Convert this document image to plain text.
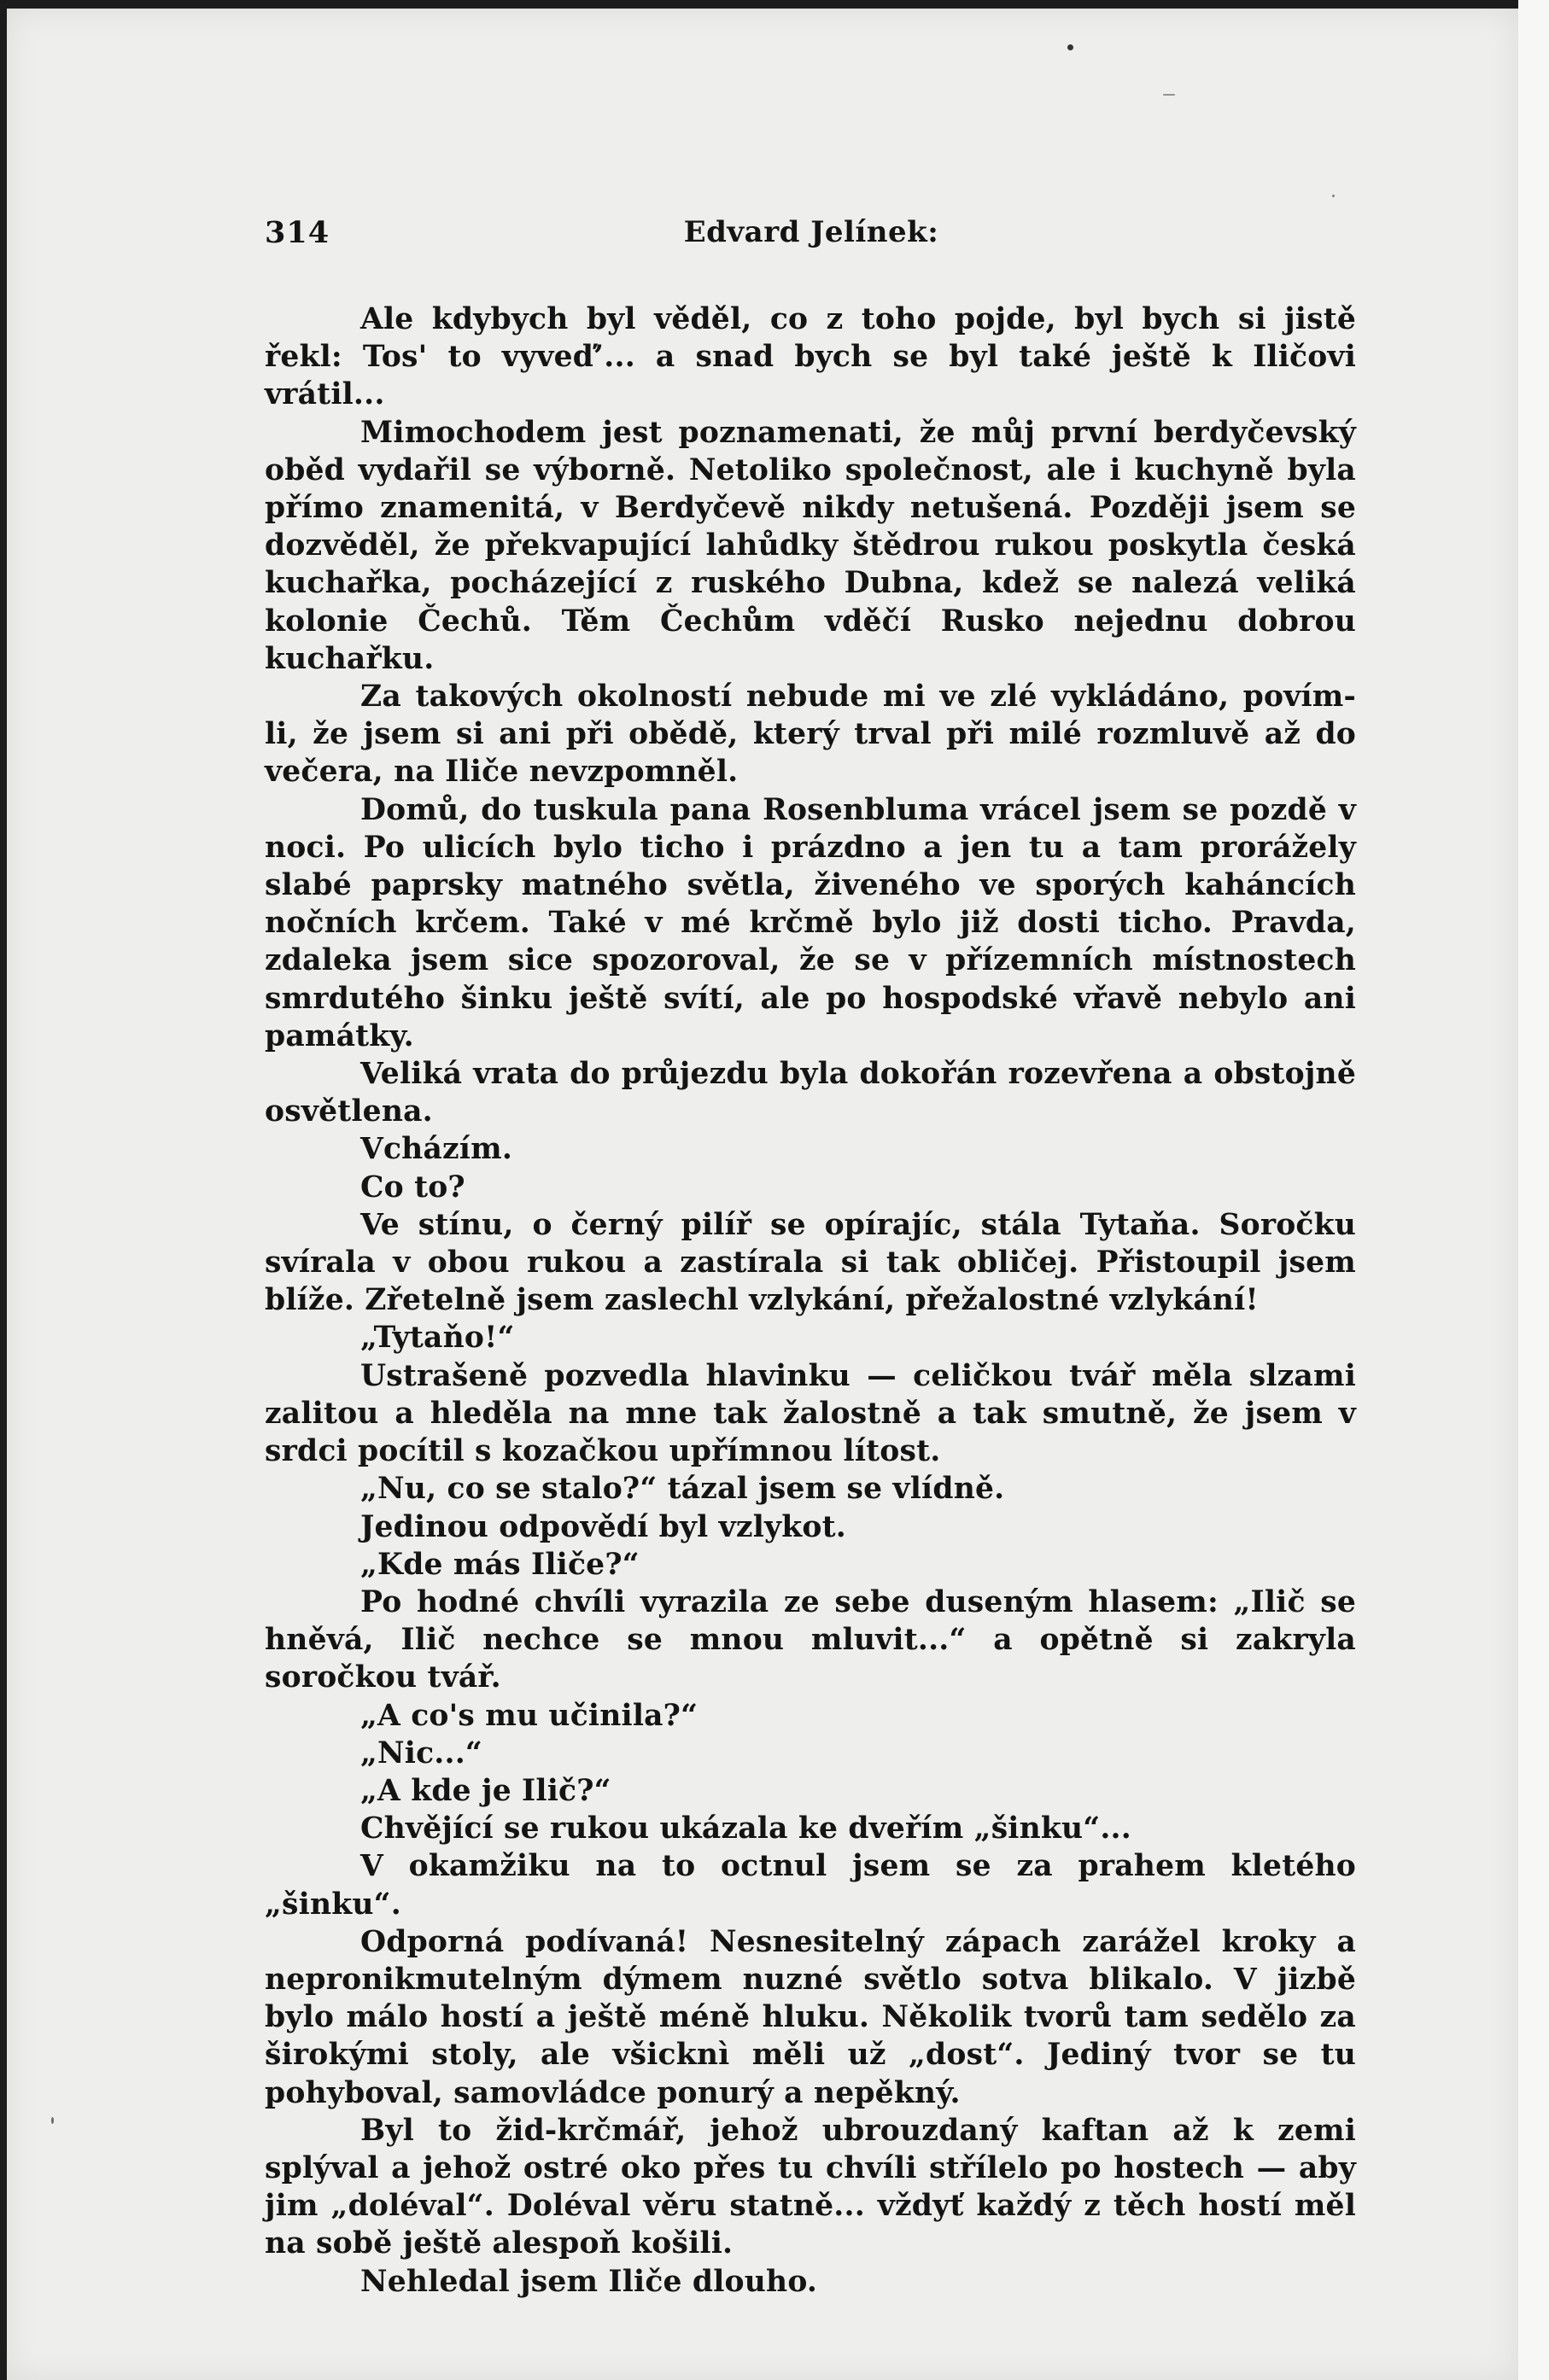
314	Edvard Jelínek:

Ale kdybych byl věděl, co z toho pojde, byl bych si jistě řekl: Tos' to vyveď’... a snad bych se byl také ještě k Iličovi vrátil...

Mimochodem jest poznamenati, že můj první berdyčevský oběd vydařil se výborně. Netoliko společnost, ale i kuchyně byla přímo znamenitá, v Berdyčevě nikdy netušená. Později jsem se dozvěděl, že překvapující lahůdky štědrou rukou poskytla česká kuchařka, pocházející z ruského Dubna, kdež se nalezá veliká kolonie Čechů. Těm Čechům vděčí Rusko nejednu dobrou kuchařku.

Za takových okolností nebude mi ve zlé vykládáno, povím-li, že jsem si ani při obědě, který trval při milé rozmluvě až do večera, na Iliče nevzpomněl.

Domů, do tuskula pana Rosenbluma vrácel jsem se pozdě v noci. Po ulicích bylo ticho i prázdno a jen tu a tam prorážely slabé paprsky matného světla, živeného ve sporých kaháncích nočních krčem. Také v mé krčmě bylo již dosti ticho. Pravda, zdaleka jsem sice spozoroval, že se v přízemních místnostech smrdutého šinku ještě svítí, ale po hospodské vřavě nebylo ani památky.

Veliká vrata do průjezdu byla dokořán rozevřena a obstojně osvětlena.

Vcházím.

Co to?

Ve stínu, o černý pilíř se opírajíc, stála Tytaňa. Soročku svírala v obou rukou a zastírala si tak obličej. Přistoupil jsem blíže. Zřetelně jsem zaslechl vzlykání, přežalostné vzlykání!

„Tytaňo!“

Ustrašeně pozvedla hlavinku — celičkou tvář měla slzami zalitou a hleděla na mne tak žalostně a tak smutně, že jsem v srdci pocítil s kozačkou upřímnou lítost.

„Nu, co se stalo?“ tázal jsem se vlídně.

Jedinou odpovědí byl vzlykot.

„Kde más Iliče?“

Po hodné chvíli vyrazila ze sebe duseným hlasem: „Ilič se hněvá, Ilič nechce se mnou mluvit...“ a opětně si zakryla soročkou tvář.

„A co's mu učinila?“

„Nic...“

„A kde je Ilič?“

Chvějící se rukou ukázala ke dveřím „šinku“...

V okamžiku na to octnul jsem se za prahem kletého „šinku“.

Odporná podívaná! Nesnesitelný zápach zarážel kroky a nepronikmutelným dýmem nuzné světlo sotva blikalo. V jizbě bylo málo hostí a ještě méně hluku. Několik tvorů tam sedělo za širokými stoly, ale všicknì měli už „dost“. Jediný tvor se tu pohyboval, samovládce ponurý a nepěkný.

Byl to žid-krčmář, jehož ubrouzdaný kaftan až k zemi splýval a jehož ostré oko přes tu chvíli střílelo po hostech — aby jim „doléval“. Doléval věru statně... vždyť každý z těch hostí měl na sobě ještě alespoň košili.

Nehledal jsem Iliče dlouho.
